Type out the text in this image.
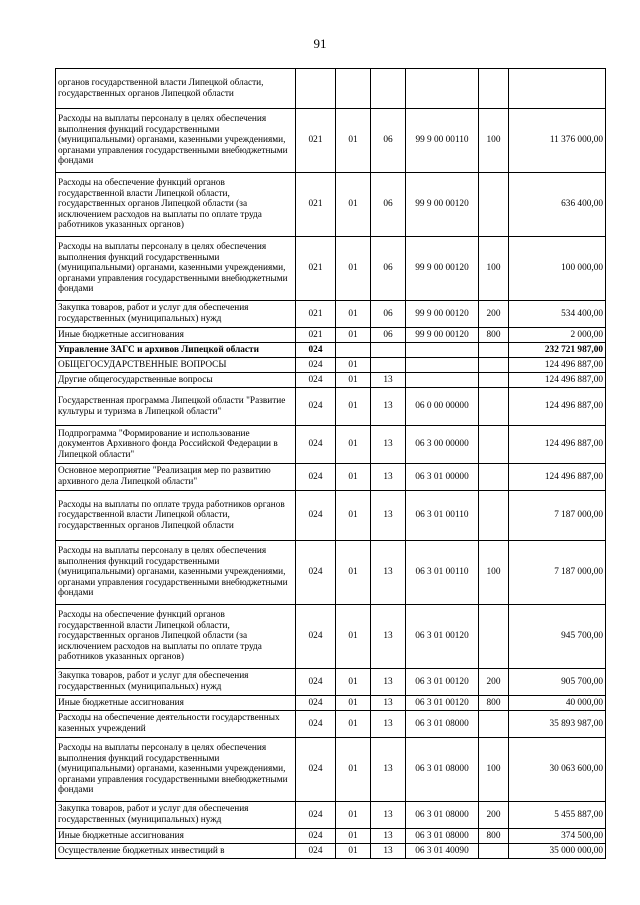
91
органов государственной власти Липецкой области, государственных органов Липецкой области						
Расходы на выплаты персоналу в целях обеспечения выполнения функций государственными (муниципальными) органами, казенными учреждениями, органами управления государственными внебюджетными фондами	021	01	06	99 9 00 00110	100	11 376 000,00
Расходы на обеспечение функций органов государственной власти Липецкой области, государственных органов Липецкой области (за исключением расходов на выплаты по оплате труда работников указанных органов)	021	01	06	99 9 00 00120		636 400,00
Расходы на выплаты персоналу в целях обеспечения выполнения функций государственными (муниципальными) органами, казенными учреждениями, органами управления государственными внебюджетными фондами	021	01	06	99 9 00 00120	100	100 000,00
Закупка товаров, работ и услуг для обеспечения государственных (муниципальных) нужд	021	01	06	99 9 00 00120	200	534 400,00
Иные бюджетные ассигнования	021	01	06	99 9 00 00120	800	2 000,00
Управление ЗАГС и архивов Липецкой области	024					232 721 987,00
ОБЩЕГОСУДАРСТВЕННЫЕ ВОПРОСЫ	024	01				124 496 887,00
Другие общегосударственные вопросы	024	01	13			124 496 887,00
Государственная программа Липецкой области "Развитие культуры и туризма в Липецкой области"	024	01	13	06 0 00 00000		124 496 887,00
Подпрограмма "Формирование и использование документов Архивного фонда Российской Федерации в Липецкой области"	024	01	13	06 3 00 00000		124 496 887,00
Основное мероприятие "Реализация мер по развитию архивного дела Липецкой области"	024	01	13	06 3 01 00000		124 496 887,00
Расходы на выплаты по оплате труда работников органов государственной власти Липецкой области, государственных органов Липецкой области	024	01	13	06 3 01 00110		7 187 000,00
Расходы на выплаты персоналу в целях обеспечения выполнения функций государственными (муниципальными) органами, казенными учреждениями, органами управления государственными внебюджетными фондами	024	01	13	06 3 01 00110	100	7 187 000,00
Расходы на обеспечение функций органов государственной власти Липецкой области, государственных органов Липецкой области (за исключением расходов на выплаты по оплате труда работников указанных органов)	024	01	13	06 3 01 00120		945 700,00
Закупка товаров, работ и услуг для обеспечения государственных (муниципальных) нужд	024	01	13	06 3 01 00120	200	905 700,00
Иные бюджетные ассигнования	024	01	13	06 3 01 00120	800	40 000,00
Расходы на обеспечение деятельности государственных казенных учреждений	024	01	13	06 3 01 08000		35 893 987,00
Расходы на выплаты персоналу в целях обеспечения выполнения функций государственными (муниципальными) органами, казенными учреждениями, органами управления государственными внебюджетными фондами	024	01	13	06 3 01 08000	100	30 063 600,00
Закупка товаров, работ и услуг для обеспечения государственных (муниципальных) нужд	024	01	13	06 3 01 08000	200	5 455 887,00
Иные бюджетные ассигнования	024	01	13	06 3 01 08000	800	374 500,00
Осуществление бюджетных инвестиций в	024	01	13	06 3 01 40090		35 000 000,00
